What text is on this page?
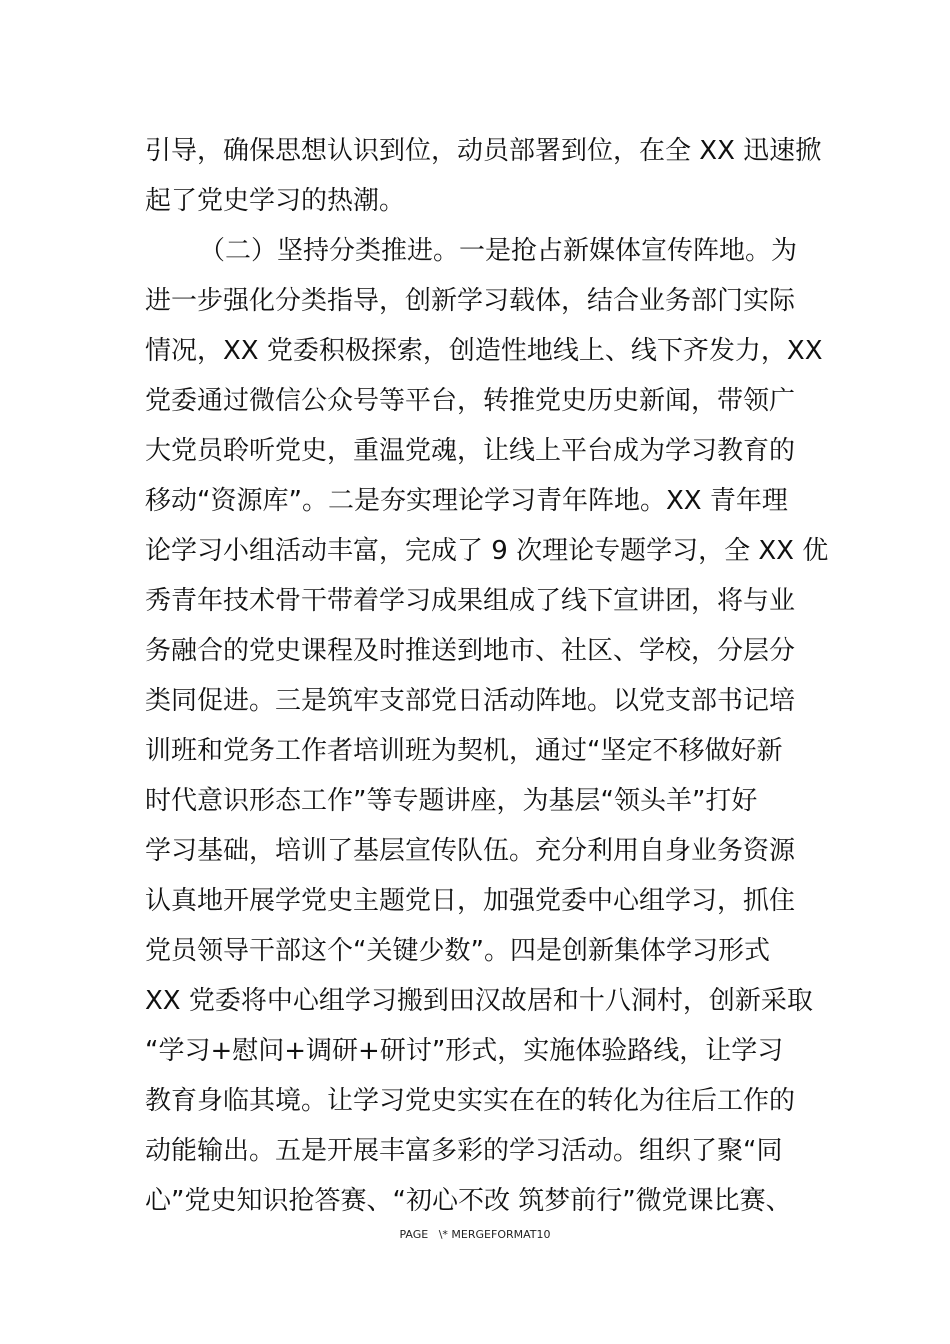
引导，确保思想认识到位，动员部署到位，在全 XX 迅速掀
起了党史学习的热潮。
（二）坚持分类推进。一是抢占新媒体宣传阵地。为
进一步强化分类指导，创新学习载体，结合业务部门实际
情况，XX 党委积极探索，创造性地线上、线下齐发力，XX
党委通过微信公众号等平台，转推党史历史新闻，带领广
大党员聆听党史，重温党魂，让线上平台成为学习教育的
移动“资源库”。二是夯实理论学习青年阵地。XX 青年理
论学习小组活动丰富，完成了 9 次理论专题学习，全 XX 优
秀青年技术骨干带着学习成果组成了线下宣讲团，将与业
务融合的党史课程及时推送到地市、社区、学校，分层分
类同促进。三是筑牢支部党日活动阵地。以党支部书记培
训班和党务工作者培训班为契机，通过“坚定不移做好新
时代意识形态工作”等专题讲座，为基层“领头羊”打好
学习基础，培训了基层宣传队伍。充分利用自身业务资源
认真地开展学党史主题党日，加强党委中心组学习，抓住
党员领导干部这个“关键少数”。四是创新集体学习形式
XX 党委将中心组学习搬到田汉故居和十八洞村，创新采取
“学习+慰问+调研+研讨”形式，实施体验路线，让学习
教育身临其境。让学习党史实实在在的转化为往后工作的
动能输出。五是开展丰富多彩的学习活动。组织了聚“同
心”党史知识抢答赛、“初心不改 筑梦前行”微党课比赛、
PAGE   \* MERGEFORMAT10
